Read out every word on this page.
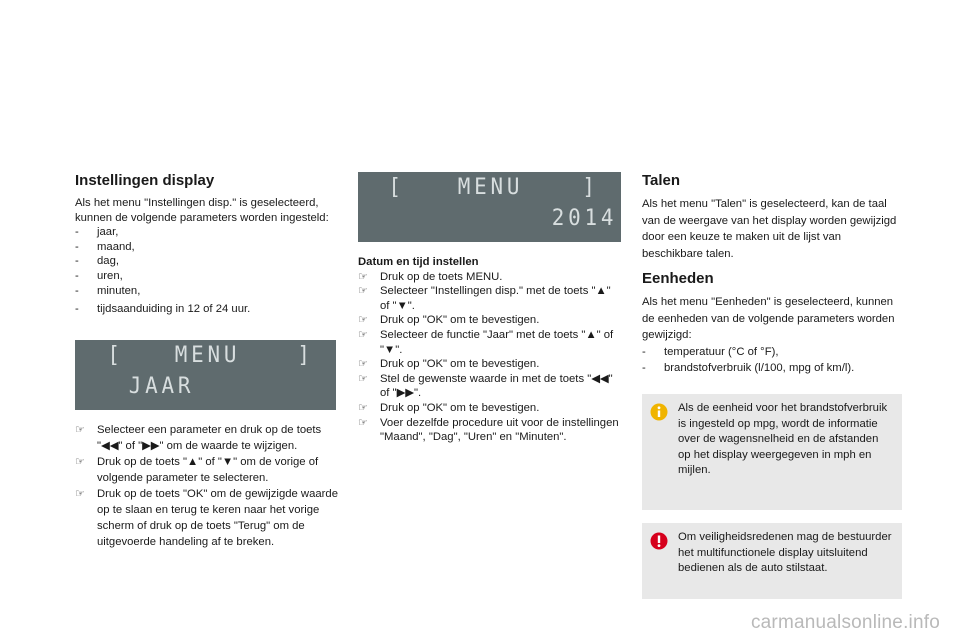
Instellingen display

Als het menu "Instellingen disp." is geselecteerd, kunnen de volgende parameters worden ingesteld:

- jaar,
- maand,
- dag,
- uren,
- minuten,
- tijdsaanduiding in 12 of 24 uur.
[ MENU	]
JAAR
☞ Selecteer een parameter en druk op de toets "◀◀" of "▶▶" om de waarde te wijzigen.
☞ Druk op de toets "▲" of "▼" om de vorige of volgende parameter te selecteren.
☞ Druk op de toets "OK" om de gewijzigde waarde op te slaan en terug te keren naar het vorige scherm of druk op de toets "Terug" om de uitgevoerde handeling af te breken.
[ MENU	]
2014

Datum en tijd instellen

☞ Druk op de toets MENU.
☞ Selecteer "Instellingen disp." met de toets "▲" of "▼".
☞ Druk op "OK" om te bevestigen.
☞ Selecteer de functie "Jaar" met de toets "▲" of "▼".
☞ Druk op "OK" om te bevestigen.
☞ Stel de gewenste waarde in met de toets "◀◀" of "▶▶".
☞ Druk op "OK" om te bevestigen.
☞ Voer dezelfde procedure uit voor de instellingen "Maand", "Dag", "Uren" en "Minuten".
Talen

Als het menu "Talen" is geselecteerd, kan de taal van de weergave van het display worden gewijzigd door een keuze te maken uit de lijst van beschikbare talen.

Eenheden

Als het menu "Eenheden" is geselecteerd, kunnen de eenheden van de volgende parameters worden gewijzigd:

- temperatuur (°C of °F),
- brandstofverbruik (l/100, mpg of km/l).
Als de eenheid voor het brandstofverbruik is ingesteld op mpg, wordt de informatie over de wagensnelheid en de afstanden op het display weergegeven in mph en mijlen.
Om veiligheidsredenen mag de bestuurder het multifunctionele display uitsluitend bedienen als de auto stilstaat.
carmanualsonline.info
